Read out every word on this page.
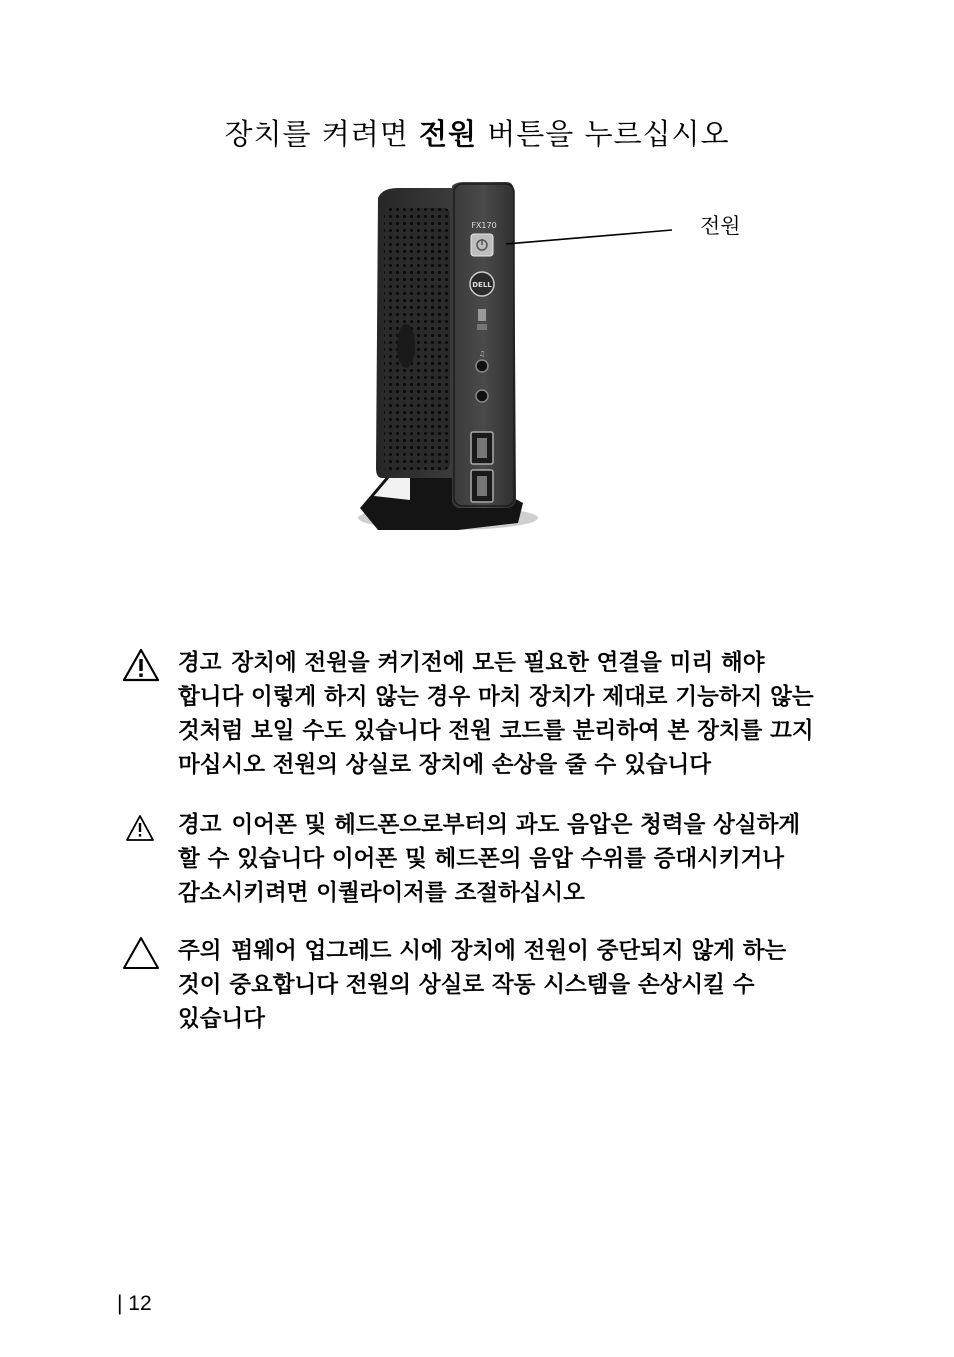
장치를 켜려면 전원 버튼을 누르십시오
FX170
DELL
♫
전원
경고 장치에 전원을 켜기전에 모든 필요한 연결을 미리 해야
합니다 이렇게 하지 않는 경우 마치 장치가 제대로 기능하지 않는
것처럼 보일 수도 있습니다 전원 코드를 분리하여 본 장치를 끄지
마십시오 전원의 상실로 장치에 손상을 줄 수 있습니다
경고 이어폰 및 헤드폰으로부터의 과도 음압은 청력을 상실하게
할 수 있습니다 이어폰 및 헤드폰의 음압 수위를 증대시키거나
감소시키려면 이퀄라이저를 조절하십시오
주의 펌웨어 업그레드 시에 장치에 전원이 중단되지 않게 하는
것이 중요합니다 전원의 상실로 작동 시스템을 손상시킬 수
있습니다
| 12
